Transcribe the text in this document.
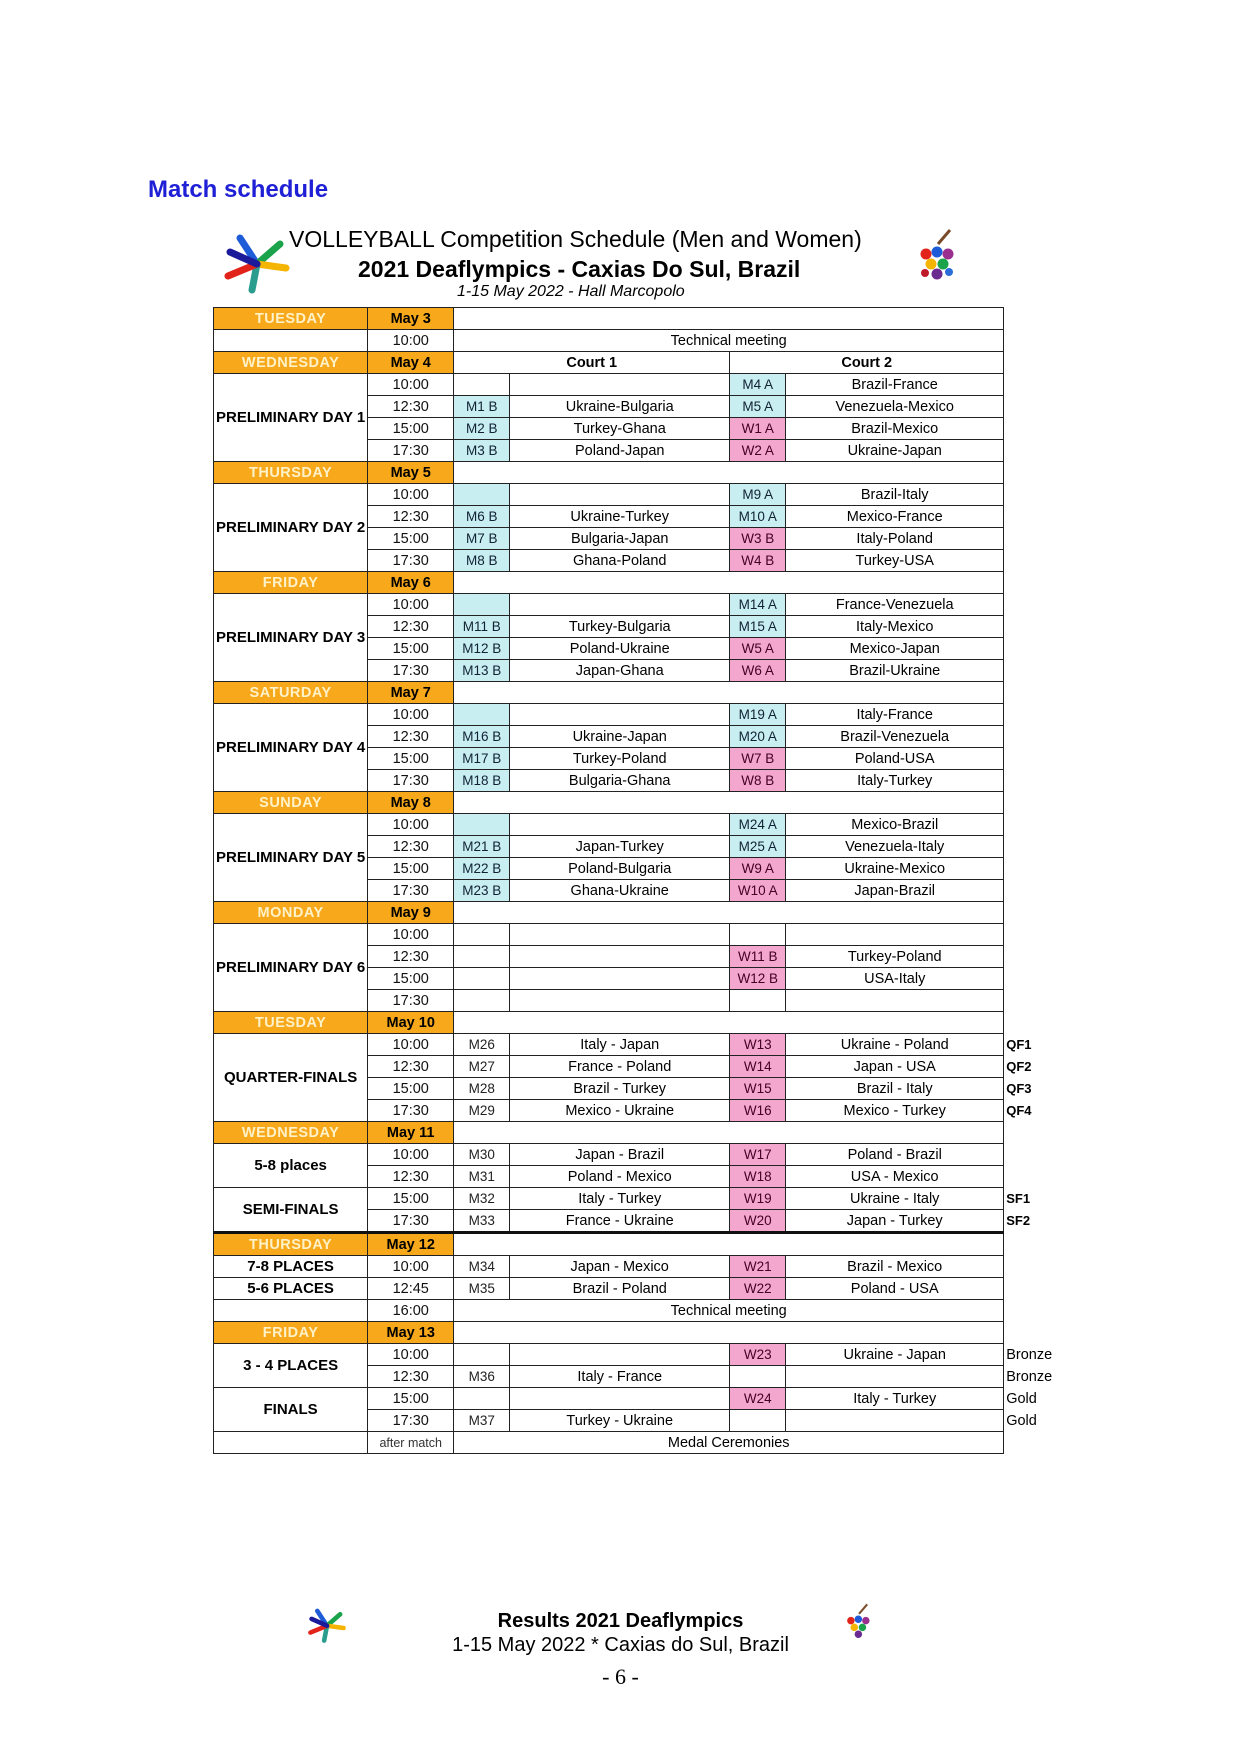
Match schedule
VOLLEYBALL Competition Schedule (Men and Women)
2021 Deaflympics - Caxias Do Sul, Brazil
1-15 May 2022 - Hall Marcopolo
TUESDAY	May 3					
	10:00	Technical meeting				
WEDNESDAY	May 4	Court 1		Court 2		
PRELIMINARY DAY 1	10:00			M4 A	Brazil-France	
	12:30	M1 B	Ukraine-Bulgaria	M5 A	Venezuela-Mexico	
	15:00	M2 B	Turkey-Ghana	W1 A	Brazil-Mexico	
	17:30	M3 B	Poland-Japan	W2 A	Ukraine-Japan	
THURSDAY	May 5					
PRELIMINARY DAY 2	10:00			M9 A	Brazil-Italy	
	12:30	M6 B	Ukraine-Turkey	M10 A	Mexico-France	
	15:00	M7 B	Bulgaria-Japan	W3 B	Italy-Poland	
	17:30	M8 B	Ghana-Poland	W4 B	Turkey-USA	
FRIDAY	May 6					
PRELIMINARY DAY 3	10:00			M14 A	France-Venezuela	
	12:30	M11 B	Turkey-Bulgaria	M15 A	Italy-Mexico	
	15:00	M12 B	Poland-Ukraine	W5 A	Mexico-Japan	
	17:30	M13 B	Japan-Ghana	W6 A	Brazil-Ukraine	
SATURDAY	May 7					
PRELIMINARY DAY 4	10:00			M19 A	Italy-France	
	12:30	M16 B	Ukraine-Japan	M20 A	Brazil-Venezuela	
	15:00	M17 B	Turkey-Poland	W7 B	Poland-USA	
	17:30	M18 B	Bulgaria-Ghana	W8 B	Italy-Turkey	
SUNDAY	May 8					
PRELIMINARY DAY 5	10:00			M24 A	Mexico-Brazil	
	12:30	M21 B	Japan-Turkey	M25 A	Venezuela-Italy	
	15:00	M22 B	Poland-Bulgaria	W9 A	Ukraine-Mexico	
	17:30	M23 B	Ghana-Ukraine	W10 A	Japan-Brazil	
MONDAY	May 9					
PRELIMINARY DAY 6	10:00					
	12:30			W11 B	Turkey-Poland	
	15:00			W12 B	USA-Italy	
	17:30					
TUESDAY	May 10					
QUARTER-FINALS	10:00	M26	Italy - Japan	W13	Ukraine - Poland	QF1
	12:30	M27	France - Poland	W14	Japan - USA	QF2
	15:00	M28	Brazil - Turkey	W15	Brazil - Italy	QF3
	17:30	M29	Mexico - Ukraine	W16	Mexico - Turkey	QF4
WEDNESDAY	May 11					
5-8 places	10:00	M30	Japan - Brazil	W17	Poland - Brazil	
	12:30	M31	Poland - Mexico	W18	USA - Mexico	
SEMI-FINALS	15:00	M32	Italy - Turkey	W19	Ukraine - Italy	SF1
	17:30	M33	France - Ukraine	W20	Japan - Turkey	SF2
THURSDAY	May 12					
7-8 PLACES	10:00	M34	Japan - Mexico	W21	Brazil - Mexico	
5-6 PLACES	12:45	M35	Brazil - Poland	W22	Poland - USA	
	16:00	Technical meeting				
FRIDAY	May 13					
3 - 4 PLACES	10:00			W23	Ukraine - Japan	Bronze
	12:30	M36	Italy - France			Bronze
FINALS	15:00			W24	Italy - Turkey	Gold
	17:30	M37	Turkey - Ukraine			Gold
	after match	Medal Ceremonies				
Results 2021 Deaflympics
1-15 May 2022 * Caxias do Sul, Brazil
- 6 -
